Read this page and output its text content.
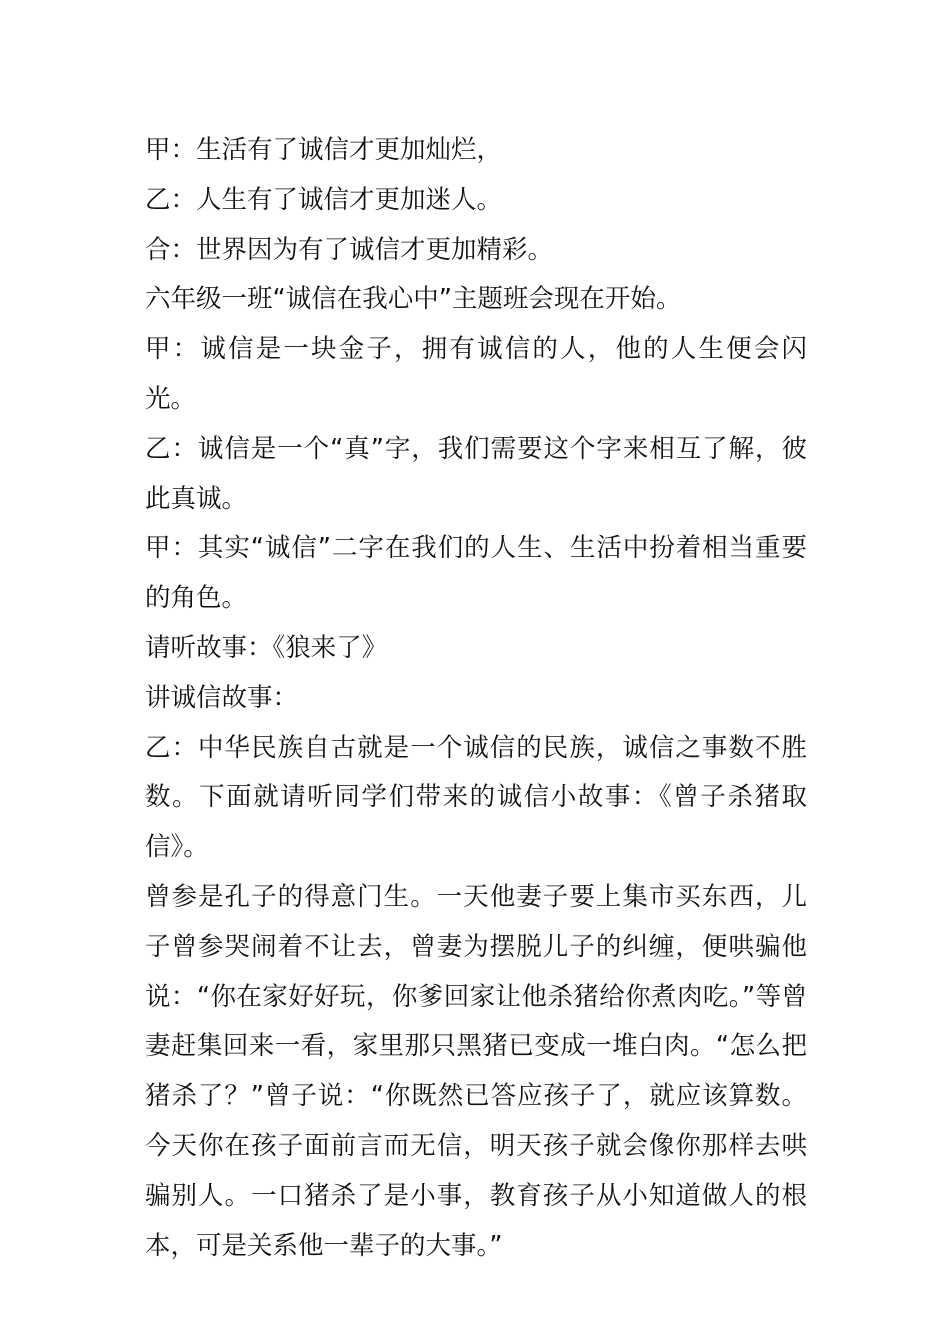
甲：生活有了诚信才更加灿烂，

乙：人生有了诚信才更加迷人。

合：世界因为有了诚信才更加精彩。

六年级一班“诚信在我心中”主题班会现在开始。

甲：诚信是一块金子，拥有诚信的人，他的人生便会闪光。

乙：诚信是一个“真”字，我们需要这个字来相互了解，彼此真诚。

甲：其实“诚信”二字在我们的人生、生活中扮着相当重要的角色。

请听故事：《狼来了》

讲诚信故事：

乙：中华民族自古就是一个诚信的民族，诚信之事数不胜数。下面就请听同学们带来的诚信小故事：《曾子杀猪取信》。

曾参是孔子的得意门生。一天他妻子要上集市买东西，儿子曾参哭闹着不让去，曾妻为摆脱儿子的纠缠，便哄骗他说：“你在家好好玩，你爹回家让他杀猪给你煮肉吃。”等曾妻赶集回来一看，家里那只黑猪已变成一堆白肉。“怎么把猪杀了？”曾子说：“你既然已答应孩子了，就应该算数。今天你在孩子面前言而无信，明天孩子就会像你那样去哄骗别人。一口猪杀了是小事，教育孩子从小知道做人的根本，可是关系他一辈子的大事。”
